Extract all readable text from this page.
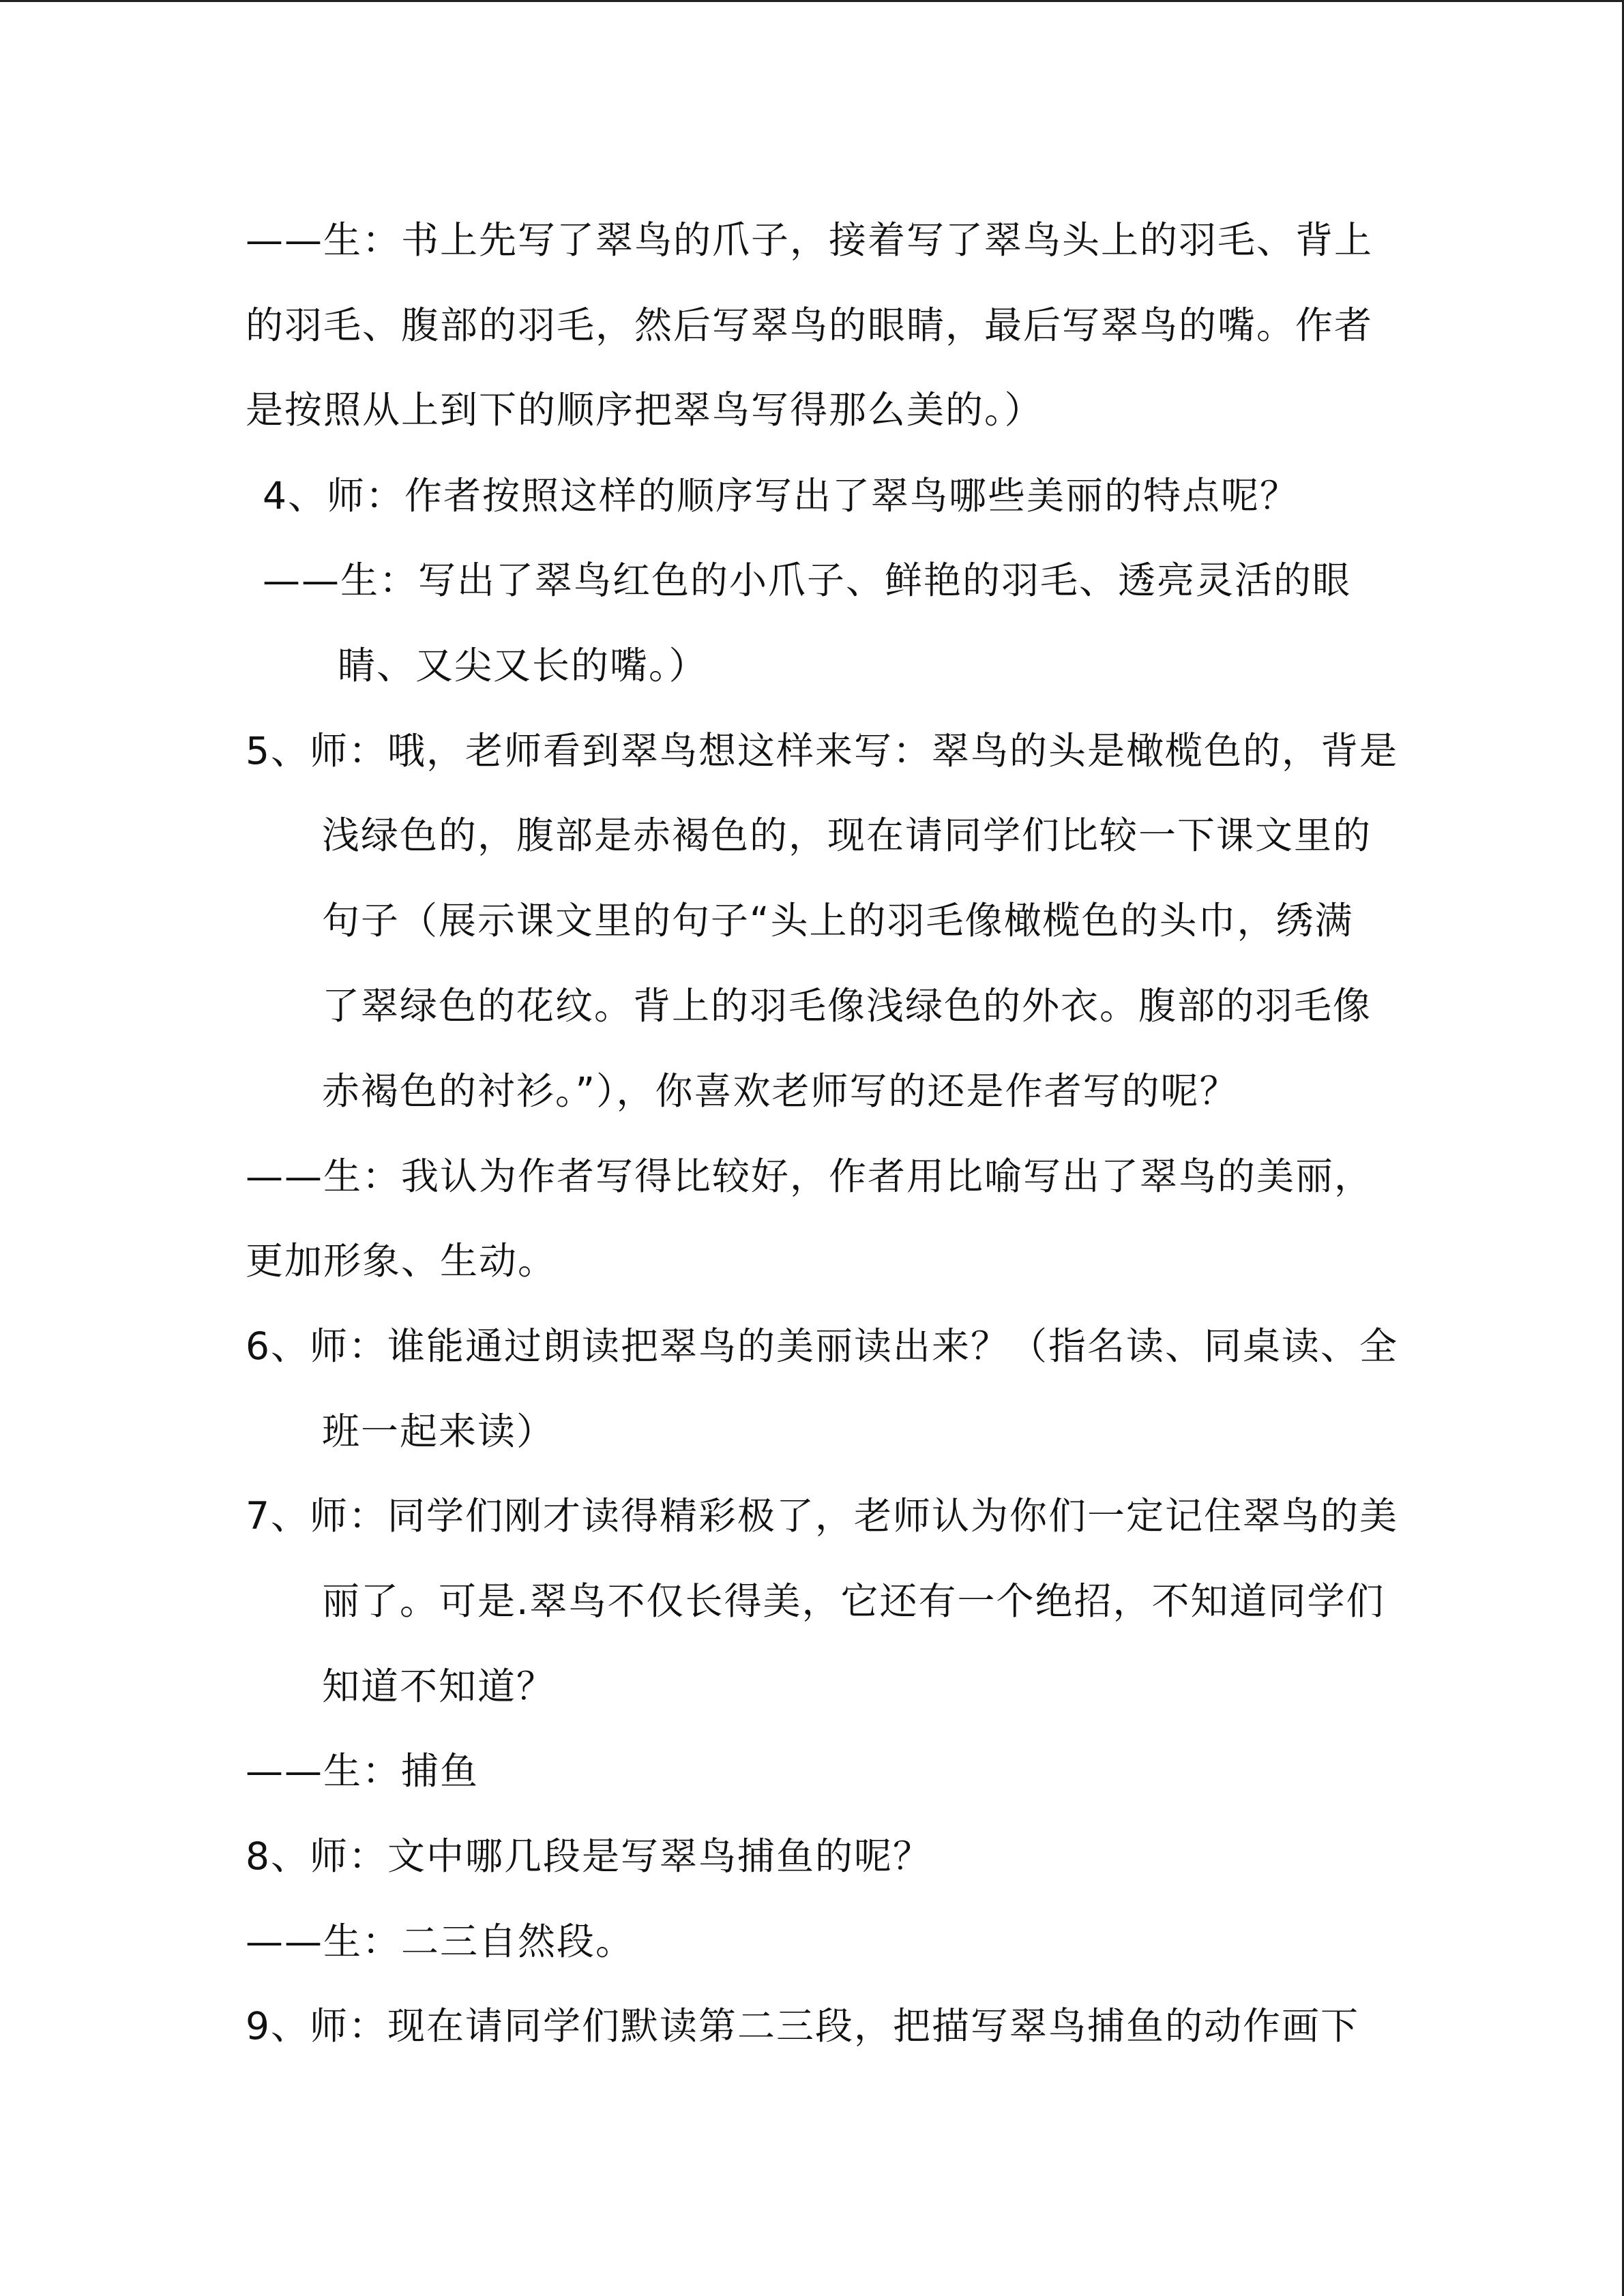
——生：书上先写了翠鸟的爪子，接着写了翠鸟头上的羽毛、背上
的羽毛、腹部的羽毛，然后写翠鸟的眼睛，最后写翠鸟的嘴。作者
是按照从上到下的顺序把翠鸟写得那么美的。）
4、师：作者按照这样的顺序写出了翠鸟哪些美丽的特点呢？
——生：写出了翠鸟红色的小爪子、鲜艳的羽毛、透亮灵活的眼
睛、又尖又长的嘴。）
5、师：哦，老师看到翠鸟想这样来写：翠鸟的头是橄榄色的，背是
浅绿色的，腹部是赤褐色的，现在请同学们比较一下课文里的
句子（展示课文里的句子“头上的羽毛像橄榄色的头巾，绣满
了翠绿色的花纹。背上的羽毛像浅绿色的外衣。腹部的羽毛像
赤褐色的衬衫。”），你喜欢老师写的还是作者写的呢？
——生：我认为作者写得比较好，作者用比喻写出了翠鸟的美丽，
更加形象、生动。
6、师：谁能通过朗读把翠鸟的美丽读出来？（指名读、同桌读、全
班一起来读）
7、师：同学们刚才读得精彩极了，老师认为你们一定记住翠鸟的美
丽了。可是.翠鸟不仅长得美，它还有一个绝招，不知道同学们
知道不知道？
——生：捕鱼
8、师：文中哪几段是写翠鸟捕鱼的呢？
——生：二三自然段。
9、师：现在请同学们默读第二三段，把描写翠鸟捕鱼的动作画下
